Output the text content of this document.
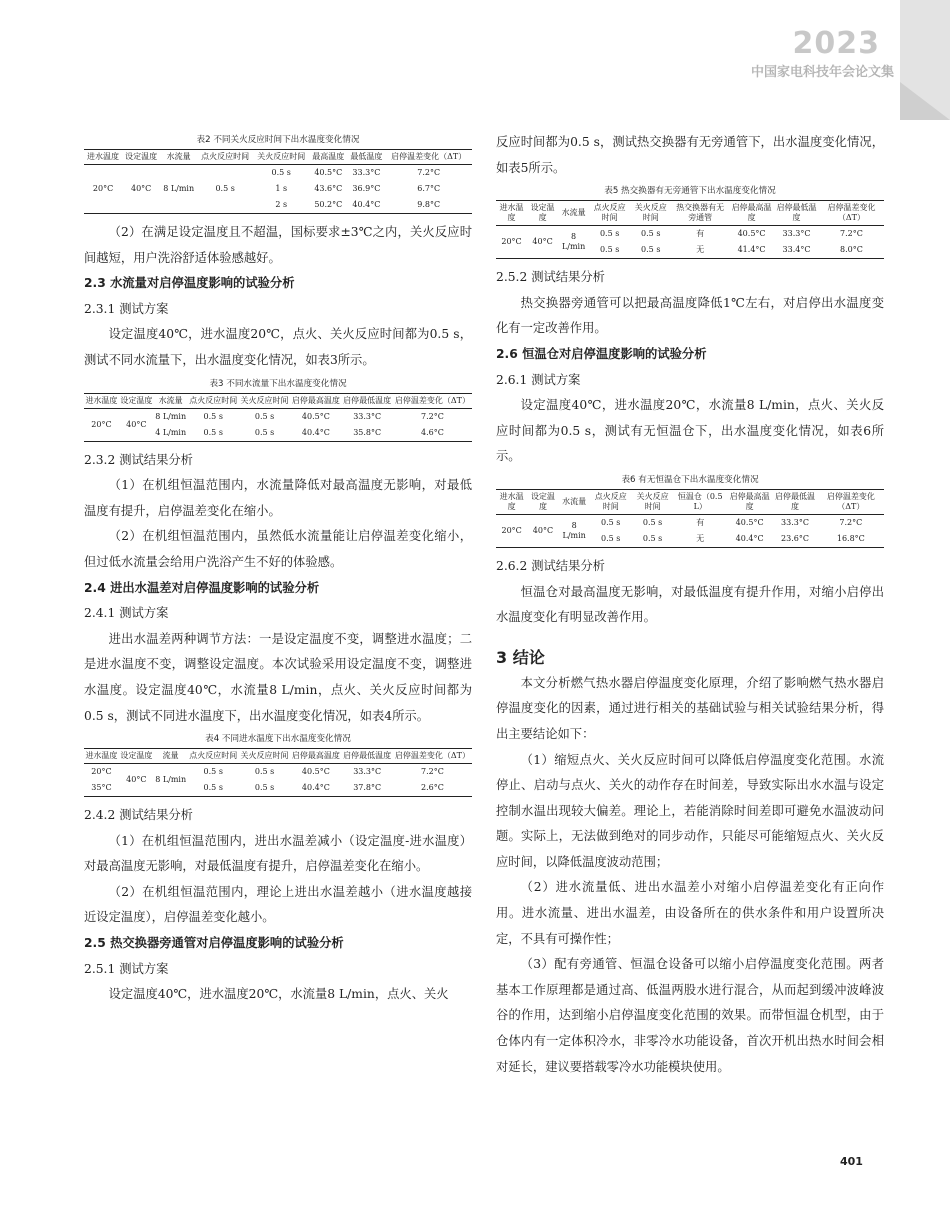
2023
中国家电科技年会论文集
表2 不同关火反应时间下出水温度变化情况
进水温度	设定温度	水流量	点火反应时间	关火反应时间	最高温度	最低温度	启停温差变化（ΔT）
20°C	40°C	8 L/min	0.5 s	0.5 s	40.5°C	33.3°C	7.2°C
				1 s	43.6°C	36.9°C	6.7°C
				2 s	50.2°C	40.4°C	9.8°C

（2）在满足设定温度且不超温，国标要求±3℃之内，关火反应时间越短，用户洗浴舒适体验感越好。

2.3 水流量对启停温度影响的试验分析

2.3.1 测试方案

设定温度40℃，进水温度20℃，点火、关火反应时间都为0.5 s，测试不同水流量下，出水温度变化情况，如表3所示。

表3 不同水流量下出水温度变化情况
进水温度	设定温度	水流量	点火反应时间	关火反应时间	启停最高温度	启停最低温度	启停温差变化（ΔT）
20°C	40°C	8 L/min	0.5 s	0.5 s	40.5°C	33.3°C	7.2°C
		4 L/min	0.5 s	0.5 s	40.4°C	35.8°C	4.6°C

2.3.2 测试结果分析

（1）在机组恒温范围内，水流量降低对最高温度无影响，对最低温度有提升，启停温差变化在缩小。

（2）在机组恒温范围内，虽然低水流量能让启停温差变化缩小，但过低水流量会给用户洗浴产生不好的体验感。

2.4 进出水温差对启停温度影响的试验分析

2.4.1 测试方案

进出水温差两种调节方法：一是设定温度不变，调整进水温度；二是进水温度不变，调整设定温度。本次试验采用设定温度不变，调整进水温度。设定温度40℃，水流量8 L/min，点火、关火反应时间都为0.5 s，测试不同进水温度下，出水温度变化情况，如表4所示。

表4 不同进水温度下出水温度变化情况
进水温度	设定温度	流量	点火反应时间	关火反应时间	启停最高温度	启停最低温度	启停温差变化（ΔT）
20°C	40°C	8 L/min	0.5 s	0.5 s	40.5°C	33.3°C	7.2°C
35°C			0.5 s	0.5 s	40.4°C	37.8°C	2.6°C

2.4.2 测试结果分析

（1）在机组恒温范围内，进出水温差减小（设定温度-进水温度）对最高温度无影响，对最低温度有提升，启停温差变化在缩小。

（2）在机组恒温范围内，理论上进出水温差越小（进水温度越接近设定温度），启停温差变化越小。

2.5 热交换器旁通管对启停温度影响的试验分析

2.5.1 测试方案

设定温度40℃，进水温度20℃，水流量8 L/min，点火、关火

反应时间都为0.5 s，测试热交换器有无旁通管下，出水温度变化情况，如表5所示。

表5 热交换器有无旁通管下出水温度变化情况
进水温度	设定温度	水流量	点火反应时间	关火反应时间	热交换器有无旁通管	启停最高温度	启停最低温度	启停温差变化（ΔT）
20°C	40°C	8 L/min	0.5 s	0.5 s	有	40.5°C	33.3°C	7.2°C
			0.5 s	0.5 s	无	41.4°C	33.4°C	8.0°C

2.5.2 测试结果分析

热交换器旁通管可以把最高温度降低1℃左右，对启停出水温度变化有一定改善作用。

2.6 恒温仓对启停温度影响的试验分析

2.6.1 测试方案

设定温度40℃，进水温度20℃，水流量8 L/min，点火、关火反应时间都为0.5 s，测试有无恒温仓下，出水温度变化情况，如表6所示。

表6 有无恒温仓下出水温度变化情况
进水温度	设定温度	水流量	点火反应时间	关火反应时间	恒温仓（0.5 L）	启停最高温度	启停最低温度	启停温差变化（ΔT）
20°C	40°C	8 L/min	0.5 s	0.5 s	有	40.5°C	33.3°C	7.2°C
			0.5 s	0.5 s	无	40.4°C	23.6°C	16.8°C

2.6.2 测试结果分析

恒温仓对最高温度无影响，对最低温度有提升作用，对缩小启停出水温度变化有明显改善作用。

3 结论

本文分析燃气热水器启停温度变化原理，介绍了影响燃气热水器启停温度变化的因素，通过进行相关的基础试验与相关试验结果分析，得出主要结论如下：

（1）缩短点火、关火反应时间可以降低启停温度变化范围。水流停止、启动与点火、关火的动作存在时间差，导致实际出水水温与设定控制水温出现较大偏差。理论上，若能消除时间差即可避免水温波动问题。实际上，无法做到绝对的同步动作，只能尽可能缩短点火、关火反应时间，以降低温度波动范围；

（2）进水流量低、进出水温差小对缩小启停温差变化有正向作用。进水流量、进出水温差，由设备所在的供水条件和用户设置所决定，不具有可操作性；

（3）配有旁通管、恒温仓设备可以缩小启停温度变化范围。两者基本工作原理都是通过高、低温两股水进行混合，从而起到缓冲波峰波谷的作用，达到缩小启停温度变化范围的效果。而带恒温仓机型，由于仓体内有一定体积冷水，非零冷水功能设备，首次开机出热水时间会相对延长，建议要搭载零冷水功能模块使用。

401
